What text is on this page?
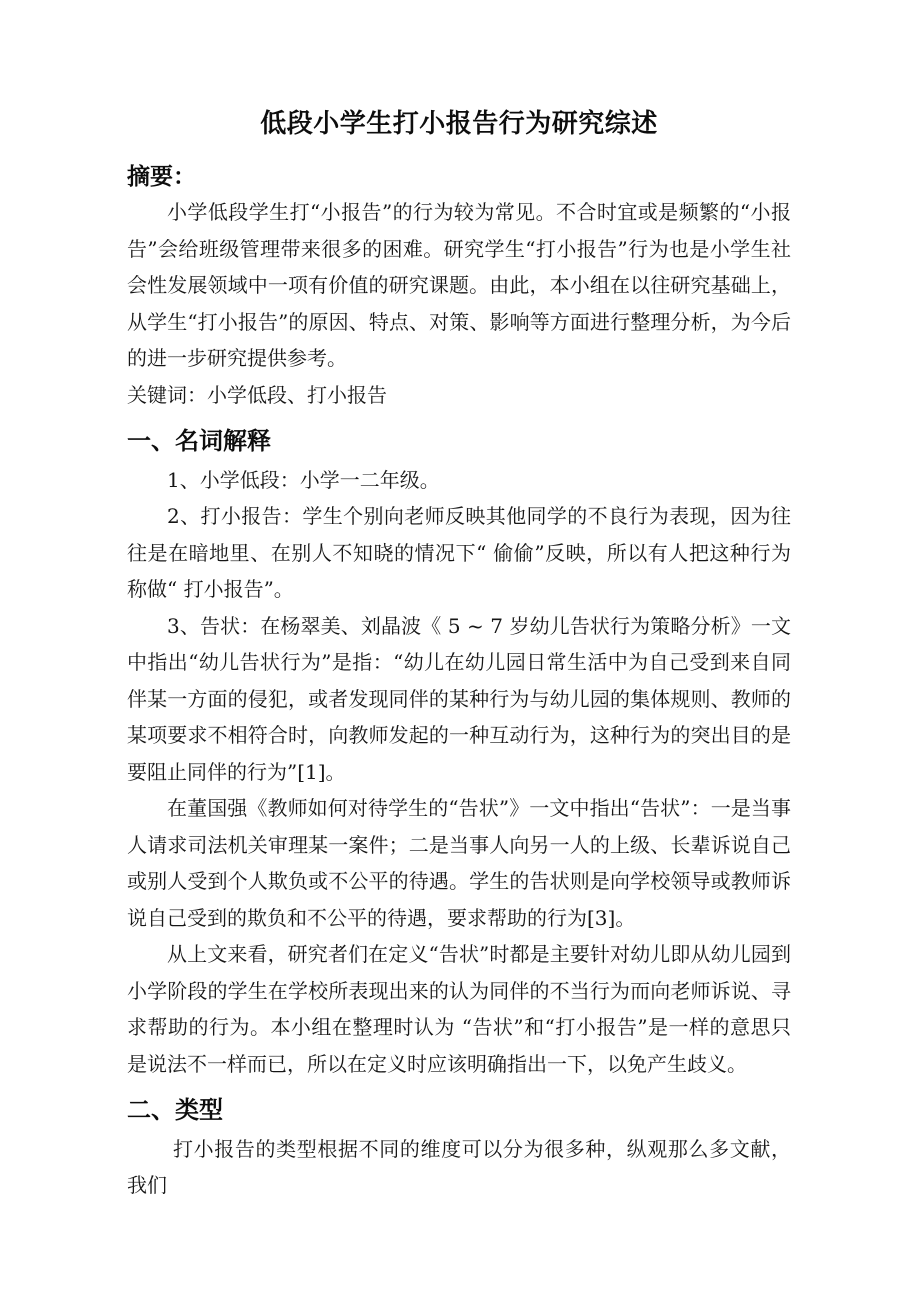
低段小学生打小报告行为研究综述
摘要：

小学低段学生打“小报告”的行为较为常见。不合时宜或是频繁的“小报告”会给班级管理带来很多的困难。研究学生“打小报告”行为也是小学生社会性发展领域中一项有价值的研究课题。由此，本小组在以往研究基础上，从学生“打小报告”的原因、特点、对策、影响等方面进行整理分析，为今后的进一步研究提供参考。

关键词：小学低段、打小报告

一、名词解释

1、小学低段：小学一二年级。

2、打小报告：学生个别向老师反映其他同学的不良行为表现，因为往往是在暗地里、在别人不知晓的情况下“ 偷偷”反映，所以有人把这种行为称做“ 打小报告”。

3、告状：在杨翠美、刘晶波《 5 ~ 7 岁幼儿告状行为策略分析》一文中指出“幼儿告状行为”是指：“幼儿在幼儿园日常生活中为自己受到来自同伴某一方面的侵犯，或者发现同伴的某种行为与幼儿园的集体规则、教师的某项要求不相符合时，向教师发起的一种互动行为，这种行为的突出目的是要阻止同伴的行为”[1]。

在董国强《教师如何对待学生的“告状”》一文中指出“告状”：一是当事人请求司法机关审理某一案件；二是当事人向另一人的上级、长辈诉说自己或别人受到个人欺负或不公平的待遇。学生的告状则是向学校领导或教师诉说自己受到的欺负和不公平的待遇，要求帮助的行为[3]。

从上文来看，研究者们在定义“告状”时都是主要针对幼儿即从幼儿园到小学阶段的学生在学校所表现出来的认为同伴的不当行为而向老师诉说、寻求帮助的行为。本小组在整理时认为 “告状”和“打小报告”是一样的意思只是说法不一样而已，所以在定义时应该明确指出一下，以免产生歧义。

二、类型

打小报告的类型根据不同的维度可以分为很多种，纵观那么多文献，我们
